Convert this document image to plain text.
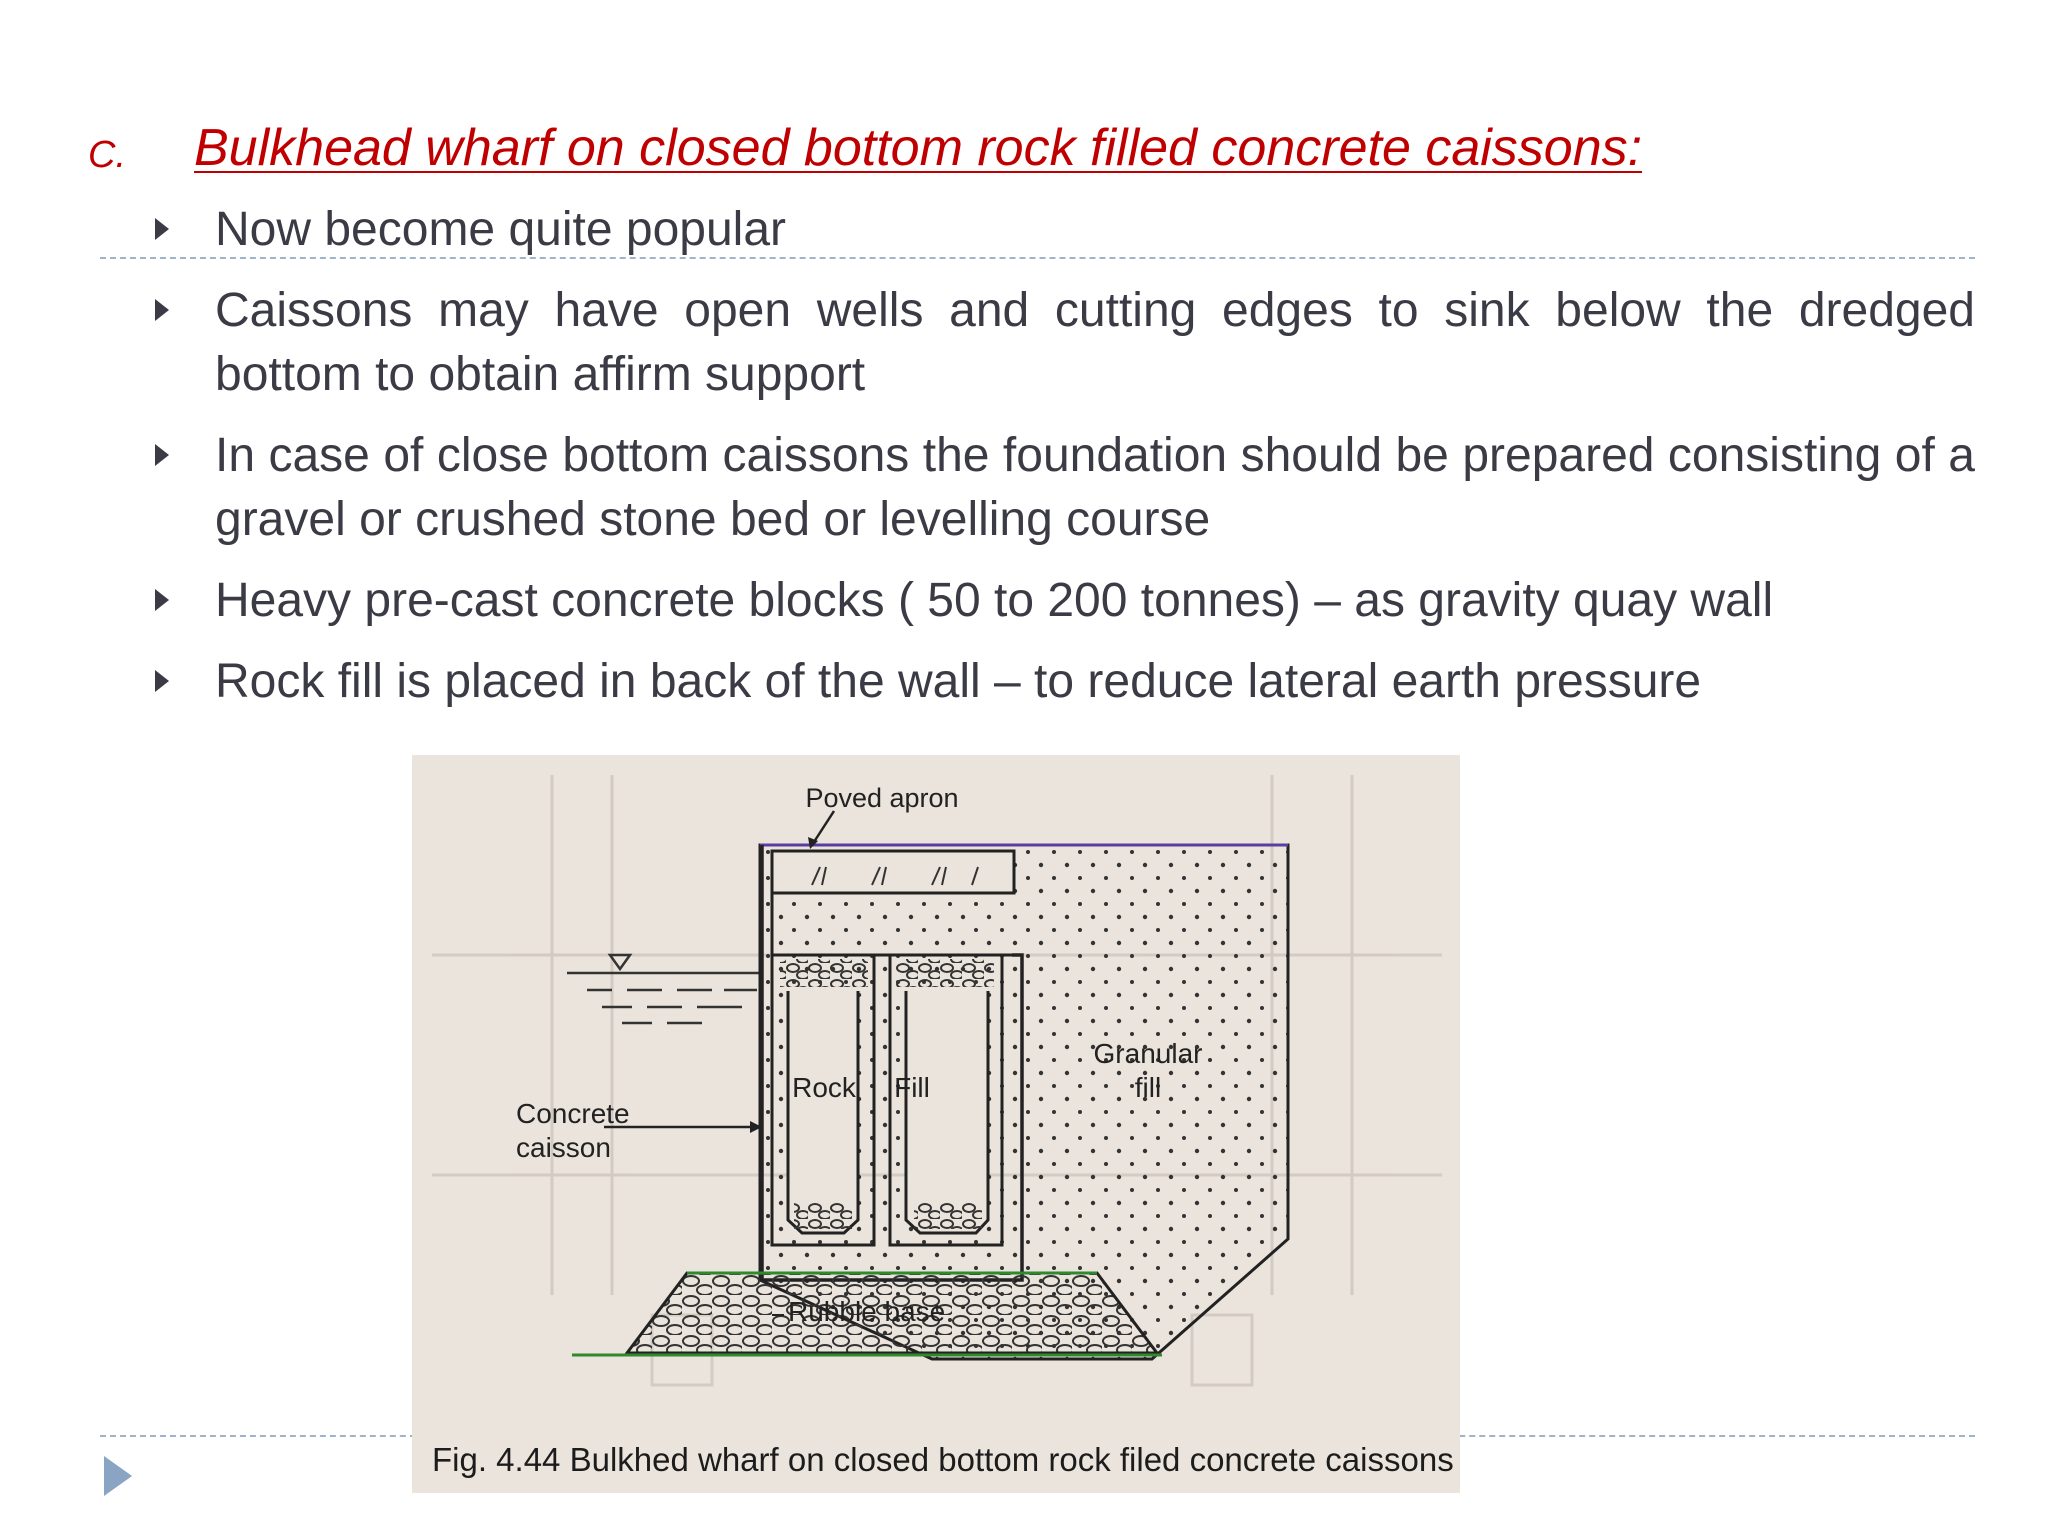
C. Bulkhead wharf on closed bottom rock filled concrete caissons:
Now become quite popular
Caissons may have open wells and cutting edges to sink below the dredged bottom to obtain affirm support
In case of close bottom caissons the foundation should be prepared consisting of a gravel or crushed stone bed or levelling course
Heavy pre-cast concrete blocks ( 50 to 200 tonnes) – as gravity quay wall
Rock fill is placed in back of the wall – to reduce lateral earth pressure
Poved apron
Granular
fill
Rock Fill
Concrete
caisson
Rubble base
Fig. 4.44 Bulkhed wharf on closed bottom rock filed concrete caissons
